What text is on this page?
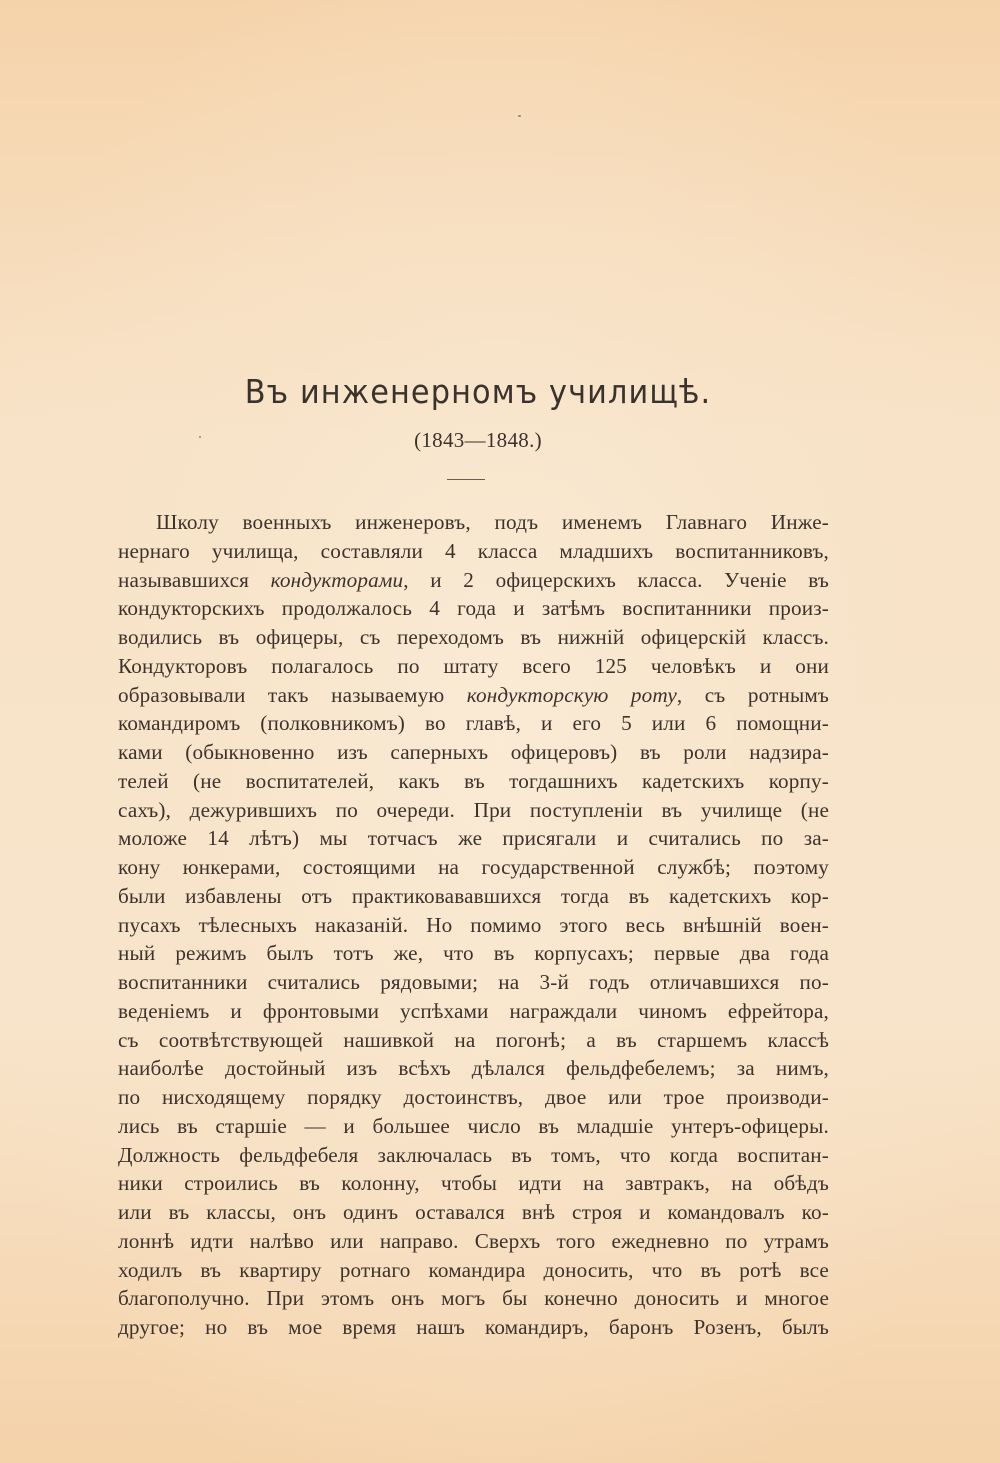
Въ инженерномъ училищѣ.
(1843—1848.)
Школу военныхъ инженеровъ, подъ именемъ Главнаго Инже-
нернаго училища, составляли 4 класса младшихъ воспитанниковъ,
называвшихся кондукторами, и 2 офицерскихъ класса. Ученіе въ
кондукторскихъ продолжалось 4 года и затѣмъ воспитанники произ-
водились въ офицеры, съ переходомъ въ нижній офицерскій классъ.
Кондукторовъ полагалось по штату всего 125 человѣкъ и они
образовывали такъ называемую кондукторскую роту, съ ротнымъ
командиромъ (полковникомъ) во главѣ, и его 5 или 6 помощни-
ками (обыкновенно изъ саперныхъ офицеровъ) въ роли надзира-
телей (не воспитателей, какъ въ тогдашнихъ кадетскихъ корпу-
сахъ), дежурившихъ по очереди. При поступленіи въ училище (не
моложе 14 лѣтъ) мы тотчасъ же присягали и считались по за-
кону юнкерами, состоящими на государственной службѣ; поэтому
были избавлены отъ практиковававшихся тогда въ кадетскихъ кор-
пусахъ тѣлесныхъ наказаній. Но помимо этого весь внѣшній воен-
ный режимъ былъ тотъ же, что въ корпусахъ; первые два года
воспитанники считались рядовыми; на 3-й годъ отличавшихся по-
веденіемъ и фронтовыми успѣхами награждали чиномъ ефрейтора,
съ соотвѣтствующей нашивкой на погонѣ; а въ старшемъ классѣ
наиболѣе достойный изъ всѣхъ дѣлался фельдфебелемъ; за нимъ,
по нисходящему порядку достоинствъ, двое или трое производи-
лись въ старшіе — и большее число въ младшіе унтеръ-офицеры.
Должность фельдфебеля заключалась въ томъ, что когда воспитан-
ники строились въ колонну, чтобы идти на завтракъ, на обѣдъ
или въ классы, онъ одинъ оставался внѣ строя и командовалъ ко-
лоннѣ идти налѣво или направо. Сверхъ того ежедневно по утрамъ
ходилъ въ квартиру ротнаго командира доносить, что въ ротѣ все
благополучно. При этомъ онъ могъ бы конечно доносить и многое
другое; но въ мое время нашъ командиръ, баронъ Розенъ, былъ
